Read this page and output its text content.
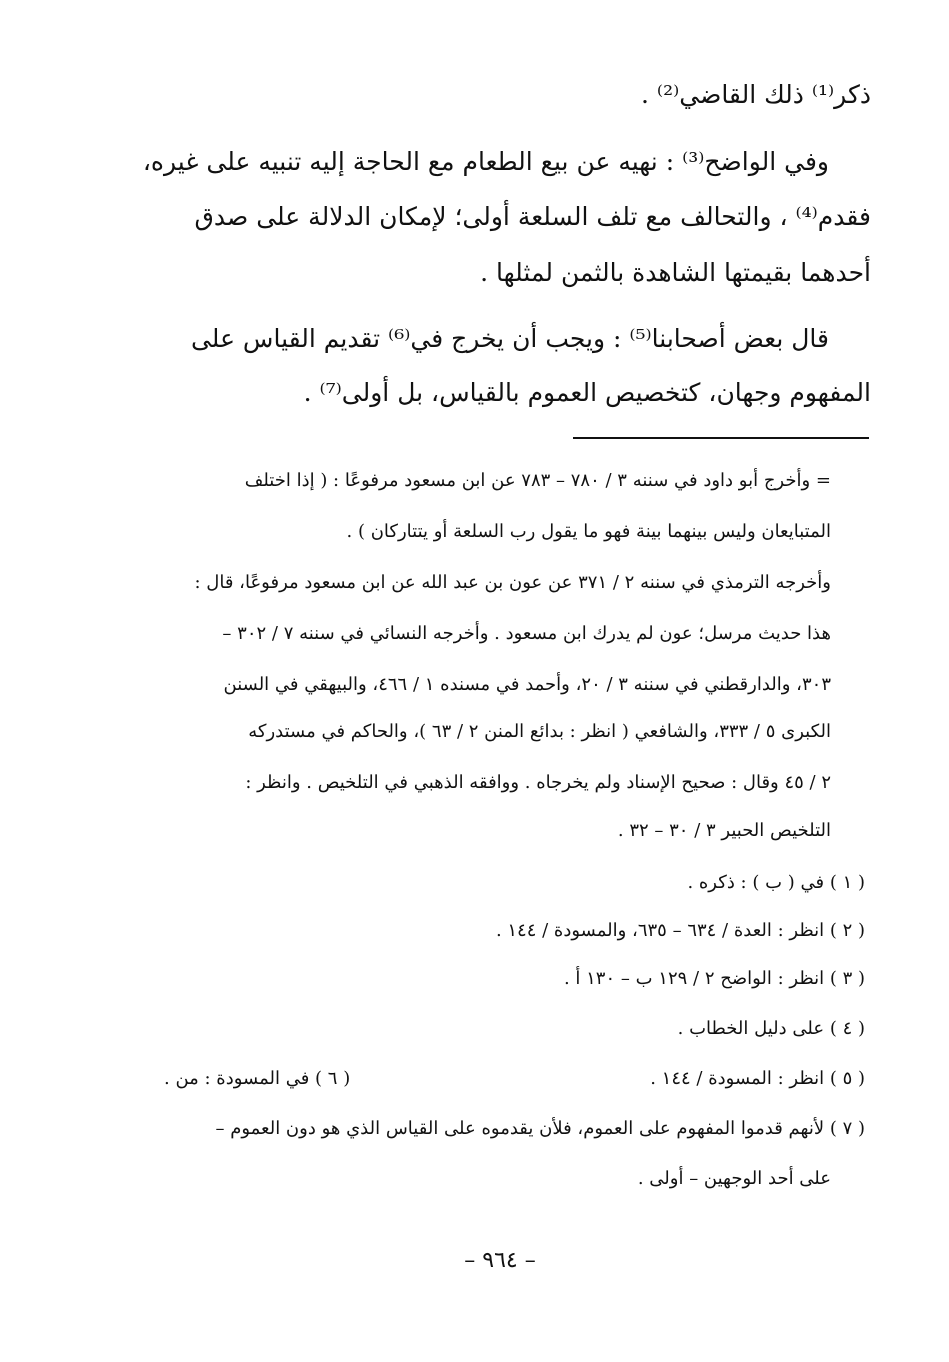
ذكر⁽¹⁾ ذلك القاضي⁽²⁾ .
وفي الواضح⁽³⁾ : نهيه عن بيع الطعام مع الحاجة إليه تنبيه على غيره،
فقدم⁽⁴⁾ ، والتحالف مع تلف السلعة أولى؛ لإمكان الدلالة على صدق
أحدهما بقيمتها الشاهدة بالثمن لمثلها .
قال بعض أصحابنا⁽⁵⁾ : ويجب أن يخرج في⁽⁶⁾ تقديم القياس على
المفهوم وجهان، كتخصيص العموم بالقياس، بل أولى⁽⁷⁾ .
= وأخرج أبو داود في سننه ٣ / ٧٨٠ – ٧٨٣ عن ابن مسعود مرفوعًا : ( إذا اختلف
المتبايعان وليس بينهما بينة فهو ما يقول رب السلعة أو يتتاركان ) .
وأخرجه الترمذي في سننه ٢ / ٣٧١ عن عون بن عبد الله عن ابن مسعود مرفوعًا، قال :
هذا حديث مرسل؛ عون لم يدرك ابن مسعود . وأخرجه النسائي في سننه ٧ / ٣٠٢ –
٣٠٣، والدارقطني في سننه ٣ / ٢٠، وأحمد في مسنده ١ / ٤٦٦، والبيهقي في السنن
الكبرى ٥ / ٣٣٣، والشافعي ( انظر : بدائع المنن ٢ / ٦٣ )، والحاكم في مستدركه
٢ / ٤٥ وقال : صحيح الإسناد ولم يخرجاه . ووافقه الذهبي في التلخيص . وانظر :
التلخيص الحبير ٣ / ٣٠ – ٣٢ .
( ١ ) في ( ب ) : ذكره .
( ٢ ) انظر : العدة / ٦٣٤ – ٦٣٥، والمسودة / ١٤٤ .
( ٣ ) انظر : الواضح ٢ / ١٢٩ ب – ١٣٠ أ .
( ٤ ) على دليل الخطاب .
( ٥ ) انظر : المسودة / ١٤٤ .
( ٦ ) في المسودة : من .
( ٧ ) لأنهم قدموا المفهوم على العموم، فلأن يقدموه على القياس الذي هو دون العموم –
على أحد الوجهين – أولى .
– ٩٦٤ –
